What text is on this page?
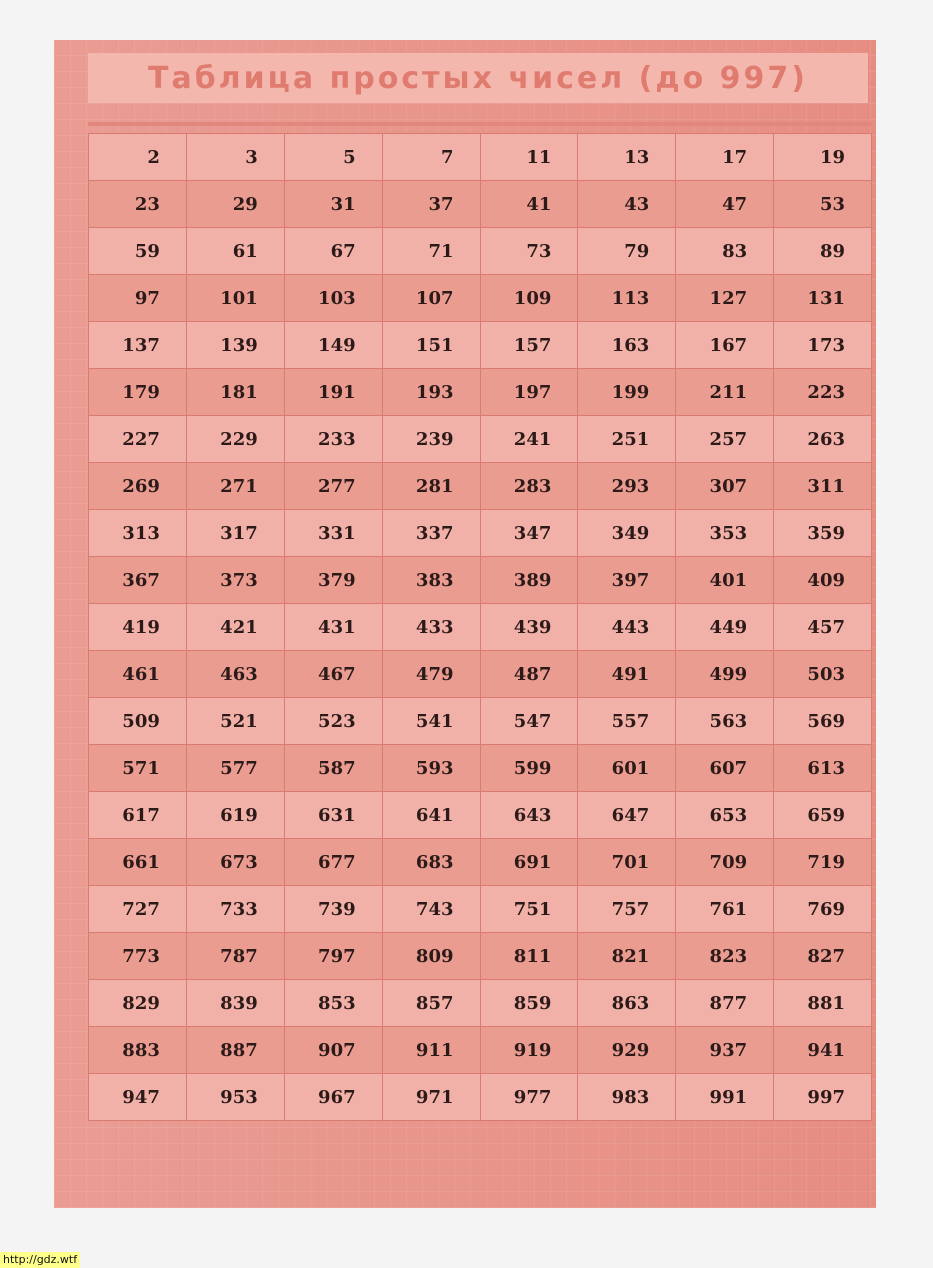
Таблица простых чисел (до 997)
2	3	5	7	11	13	17	19
23	29	31	37	41	43	47	53
59	61	67	71	73	79	83	89
97	101	103	107	109	113	127	131
137	139	149	151	157	163	167	173
179	181	191	193	197	199	211	223
227	229	233	239	241	251	257	263
269	271	277	281	283	293	307	311
313	317	331	337	347	349	353	359
367	373	379	383	389	397	401	409
419	421	431	433	439	443	449	457
461	463	467	479	487	491	499	503
509	521	523	541	547	557	563	569
571	577	587	593	599	601	607	613
617	619	631	641	643	647	653	659
661	673	677	683	691	701	709	719
727	733	739	743	751	757	761	769
773	787	797	809	811	821	823	827
829	839	853	857	859	863	877	881
883	887	907	911	919	929	937	941
947	953	967	971	977	983	991	997
http://gdz.wtf
